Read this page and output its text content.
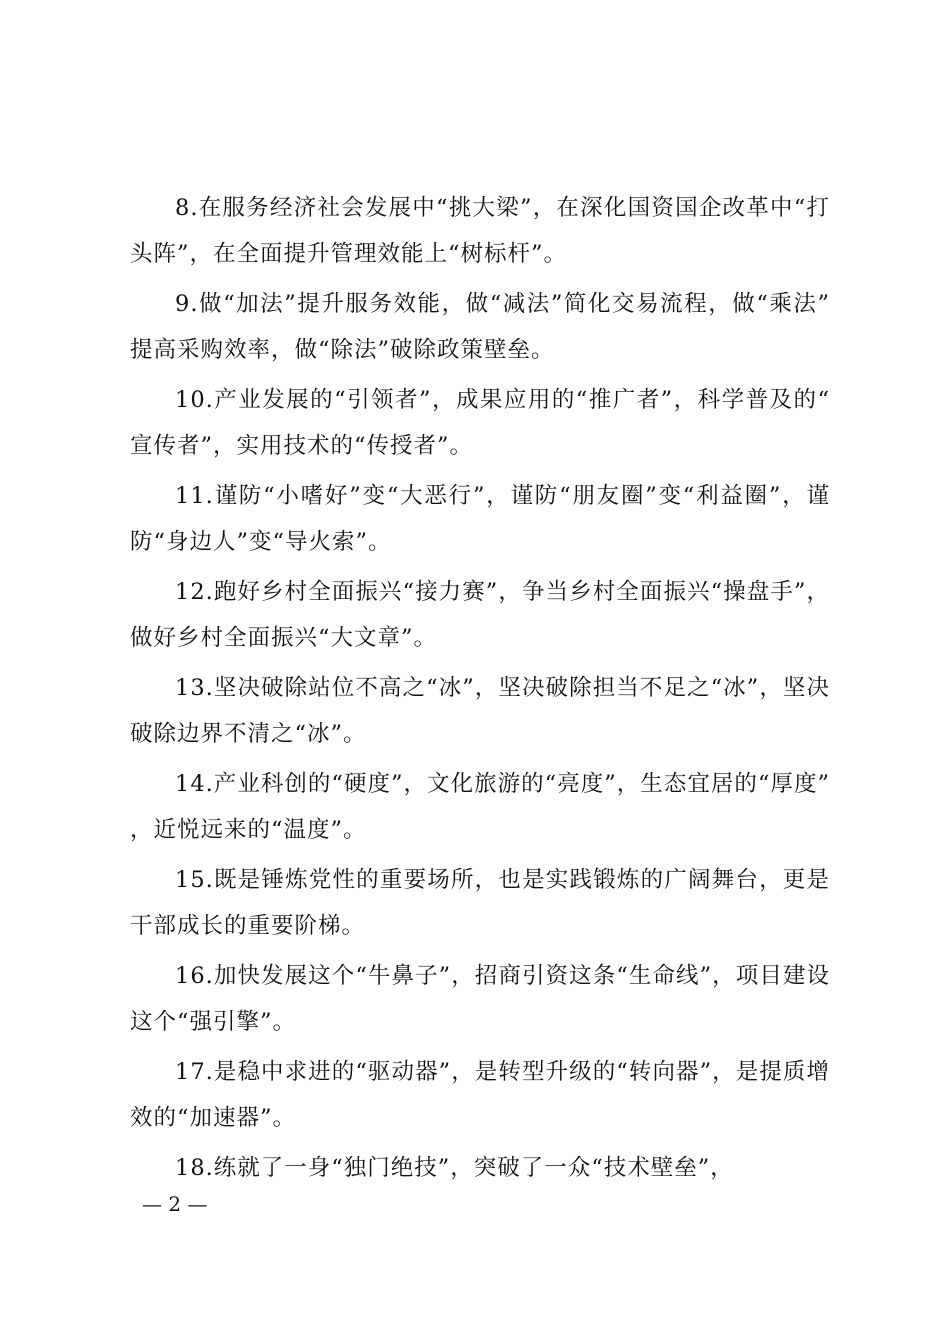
8.在服务经济社会发展中“挑大梁”，在深化国资国企改革中“打头阵”，在全面提升管理效能上“树标杆”。

9.做“加法”提升服务效能，做“减法”简化交易流程，做“乘法”提高采购效率，做“除法”破除政策壁垒。

10.产业发展的“引领者”，成果应用的“推广者”，科学普及的“宣传者”，实用技术的“传授者”。

11.谨防“小嗜好”变“大恶行”，谨防“朋友圈”变“利益圈”，谨防“身边人”变“导火索”。

12.跑好乡村全面振兴“接力赛”，争当乡村全面振兴“操盘手”，做好乡村全面振兴“大文章”。

13.坚决破除站位不高之“冰”，坚决破除担当不足之“冰”，坚决破除边界不清之“冰”。

14.产业科创的“硬度”，文化旅游的“亮度”，生态宜居的“厚度”，近悦远来的“温度”。

15.既是锤炼党性的重要场所，也是实践锻炼的广阔舞台，更是干部成长的重要阶梯。

16.加快发展这个“牛鼻子”，招商引资这条“生命线”，项目建设这个“强引擎”。

17.是稳中求进的“驱动器”，是转型升级的“转向器”，是提质增效的“加速器”。

18.练就了一身“独门绝技”，突破了一众“技术壁垒”，

— 2 —
